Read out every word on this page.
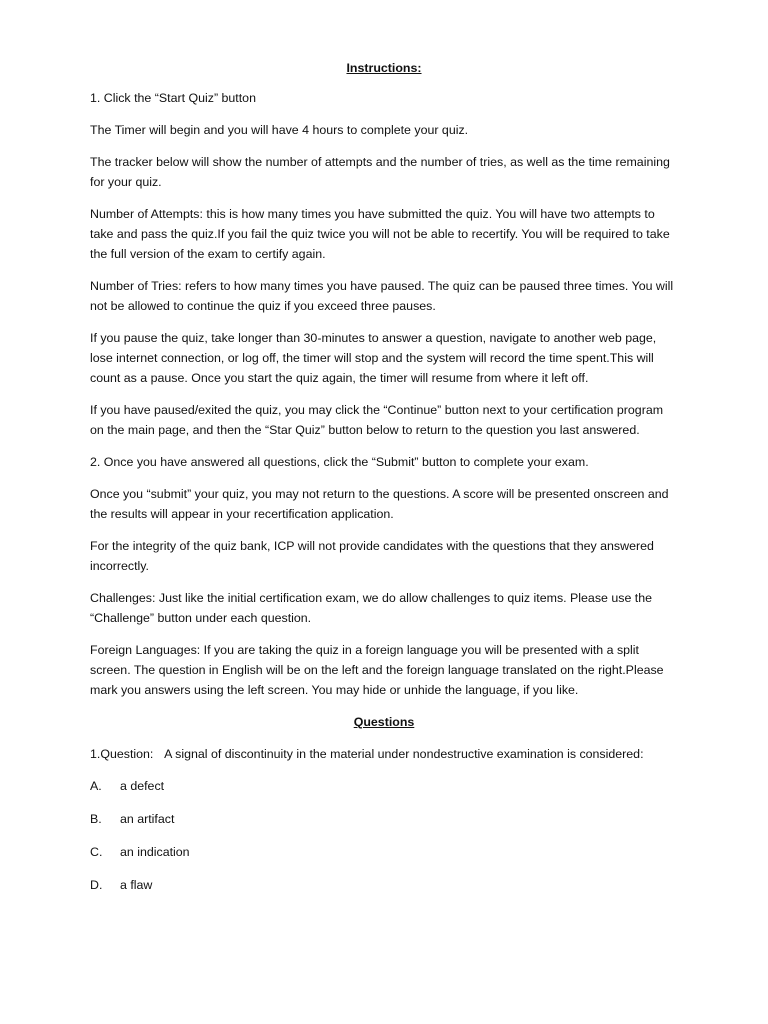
Instructions:

1. Click the “Start Quiz” button

The Timer will begin and you will have 4 hours to complete your quiz.

The tracker below will show the number of attempts and the number of tries, as well as the time remaining for your quiz.

Number of Attempts: this is how many times you have submitted the quiz. You will have two attempts to take and pass the quiz.If you fail the quiz twice you will not be able to recertify. You will be required to take the full version of the exam to certify again.

Number of Tries: refers to how many times you have paused. The quiz can be paused three times. You will not be allowed to continue the quiz if you exceed three pauses.

If you pause the quiz, take longer than 30-minutes to answer a question, navigate to another web page, lose internet connection, or log off, the timer will stop and the system will record the time spent.This will count as a pause. Once you start the quiz again, the timer will resume from where it left off.

If you have paused/exited the quiz, you may click the “Continue” button next to your certification program on the main page, and then the “Star Quiz” button below to return to the question you last answered.

2. Once you have answered all questions, click the “Submit” button to complete your exam.

Once you “submit” your quiz, you may not return to the questions. A score will be presented onscreen and the results will appear in your recertification application.

For the integrity of the quiz bank, ICP will not provide candidates with the questions that they answered incorrectly.

Challenges: Just like the initial certification exam, we do allow challenges to quiz items. Please use the “Challenge” button under each question.

Foreign Languages: If you are taking the quiz in a foreign language you will be presented with a split screen. The question in English will be on the left and the foreign language translated on the right.Please mark you answers using the left screen. You may hide or unhide the language, if you like.

Questions
1.Question: A signal of discontinuity in the material under nondestructive examination is considered:
A.	a defect
B.	an artifact
C.	an indication
D.	a flaw
